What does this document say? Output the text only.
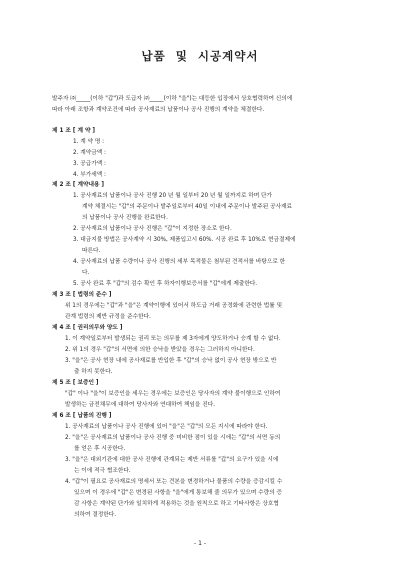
납품  및  시공계약서
발주자 ㈜_____(이하 "갑")과 도급자 ㈜_____(이하 "을")는 대등한 입장에서 상호협력하여 신의에
따라 아래 조항과 계약조건에 따라 공사재료의 납품이나 공사 진행의 계약을 체결한다.
제 1 조 [ 계 약 ]
1. 계 약 명 :
2. 계약금액 :
3. 공급가액 :
4. 부가세액 :
제 2 조 [ 계약내용 ]
1. 공사재료의 납품이나 공사 진행 20 년 월 일부터 20 년 월 일까지로 하며 단가
계약 체결시는 "갑"의 주문이나 발주일로부터 40일 이내에 주문이나 발주된 공사재료
의 납품이나 공사 진행을 완료한다.
2. 공사재료의 납품이나 공사 진행은 "갑"이 지정한 장소로 한다.
3. 대금지불 방법은 공사계약 시 30%, 제품입고시 60%. 시공 완료 후 10%로 현금결제에
따른다.
4. 공사재료의 납품 수량이나 공사 진행의 세부 목적물은 첨부된 견적서를 바탕으로 한
다.
5. 공사 완료 후 "갑"의 검수 확인 후 하자이행보증서를 "갑"에게 제출한다.
제 3 조 [ 법령의 준수 ]
위 1의 경우에는 "갑"과 "을"은 계약이행에 있어서 하도급 거래 공정화에 관련한 법률 및
관계 법령의 제반 규정을 준수한다.
제 4 조 [ 권리의무와 양도 ]
1. 이 계약일로부터 발생되는 권리 또는 의무를 제 3자에게 양도하거나 승계 할 수 없다.
2. 위 1의 경우 "갑"의 서면에 의한 승낙을 받았을 경우는 그러하지 아니한다.
3. "을"은 공사 현장 내에 공사재료를 반입한 후 "갑"의 승낙 없이 공사 현장 밖으로 반
출 하지 못한다.
제 5 조 [ 보증인 ]
"갑" 이나 "을"이 보증인을 세우는 경우에는 보증인은 당사자의 계약 불이행으로 인하여
발생하는 금전채무에 대하여 당사자와 연대하여 책임을 진다.
제 6 조 [ 납품의 진행 ]
1. 공사재료의 납품이나 공사 진행에 있어 "을"은 "갑"의 모든 지시에 따라야 한다.
2. "을"은 공사재료의 납품이나 공사 진행 중 미비한 점이 있을 시에는 "갑"의 서면 동의
를 얻은 후 시공한다.
3. "을"은 대외기관에 대한 공사 진행에 관계되는 제반 서류를 "갑"의 요구가 있을 시에
는 이에 적극 협조한다.
4. "갑"이 필요로 공사재료의 명세서 또는 견본을 변경하거나 물품의 수량을 증감시킬 수
있으며 이 경우에 "갑"은 변경된 사항을 "을"에게 통보해 줄 의무가 있으며 수량의 증
감 사항은 계약된 단가와 일치하게 적용하는 것을 원칙으로 하고 기타사항은 상호협
의하여 결정한다.
- 1 -
